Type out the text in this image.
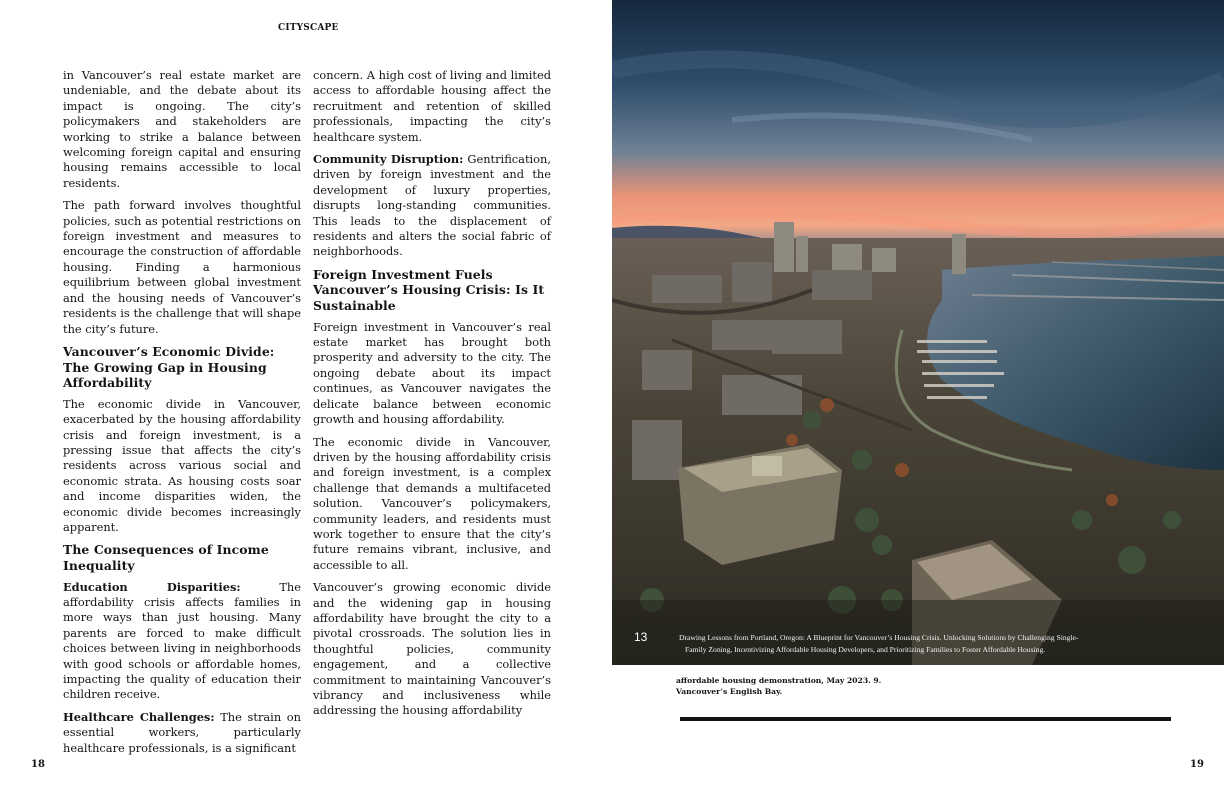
CITYSCAPE

in Vancouver’s real estate market are undeniable, and the debate about its impact is ongoing. The city’s policymakers and stakeholders are working to strike a balance between welcoming foreign capital and ensuring housing remains accessible to local residents.

The path forward involves thoughtful policies, such as potential restrictions on foreign investment and measures to encourage the construction of affordable housing. Finding a harmonious equilibrium between global investment and the housing needs of Vancouver’s residents is the challenge that will shape the city’s future.

Vancouver’s Economic Divide: The Growing Gap in Housing Affordability

The economic divide in Vancouver, exacerbated by the housing affordability crisis and foreign investment, is a pressing issue that affects the city’s residents across various social and economic strata. As housing costs soar and income disparities widen, the economic divide becomes increasingly apparent.

The Consequences of Income Inequality

Education Disparities: The affordability crisis affects families in more ways than just housing. Many parents are forced to make difficult choices between living in neighborhoods with good schools or affordable homes, impacting the quality of education their children receive.

Healthcare Challenges: The strain on essential workers, particularly healthcare professionals, is a significant

concern. A high cost of living and limited access to affordable housing affect the recruitment and retention of skilled professionals, impacting the city’s healthcare system.

Community Disruption: Gentrification, driven by foreign investment and the development of luxury properties, disrupts long-standing communities. This leads to the displacement of residents and alters the social fabric of neighborhoods.

Foreign Investment Fuels Vancouver’s Housing Crisis: Is It Sustainable

Foreign investment in Vancouver’s real estate market has brought both prosperity and adversity to the city. The ongoing debate about its impact continues, as Vancouver navigates the delicate balance between economic growth and housing affordability.

The economic divide in Vancouver, driven by the housing affordability crisis and foreign investment, is a complex challenge that demands a multifaceted solution. Vancouver’s policymakers, community leaders, and residents must work together to ensure that the city’s future remains vibrant, inclusive, and accessible to all.

Vancouver’s growing economic divide and the widening gap in housing affordability have brought the city to a pivotal crossroads. The solution lies in thoughtful policies, community engagement, and a collective commitment to maintaining Vancouver’s vibrancy and inclusiveness while addressing the housing affordability

13	Drawing Lessons from Portland, Oregon: A Blueprint for Vancouver’s Housing Crisis. Unlocking Solutions by Challenging Single-
Family Zoning, Incentivizing Affordable Housing Developers, and Prioritizing Families to Foster Affordable Housing.
affordable housing demonstration, May 2023. 9. Vancouver’s English Bay.
18	19
